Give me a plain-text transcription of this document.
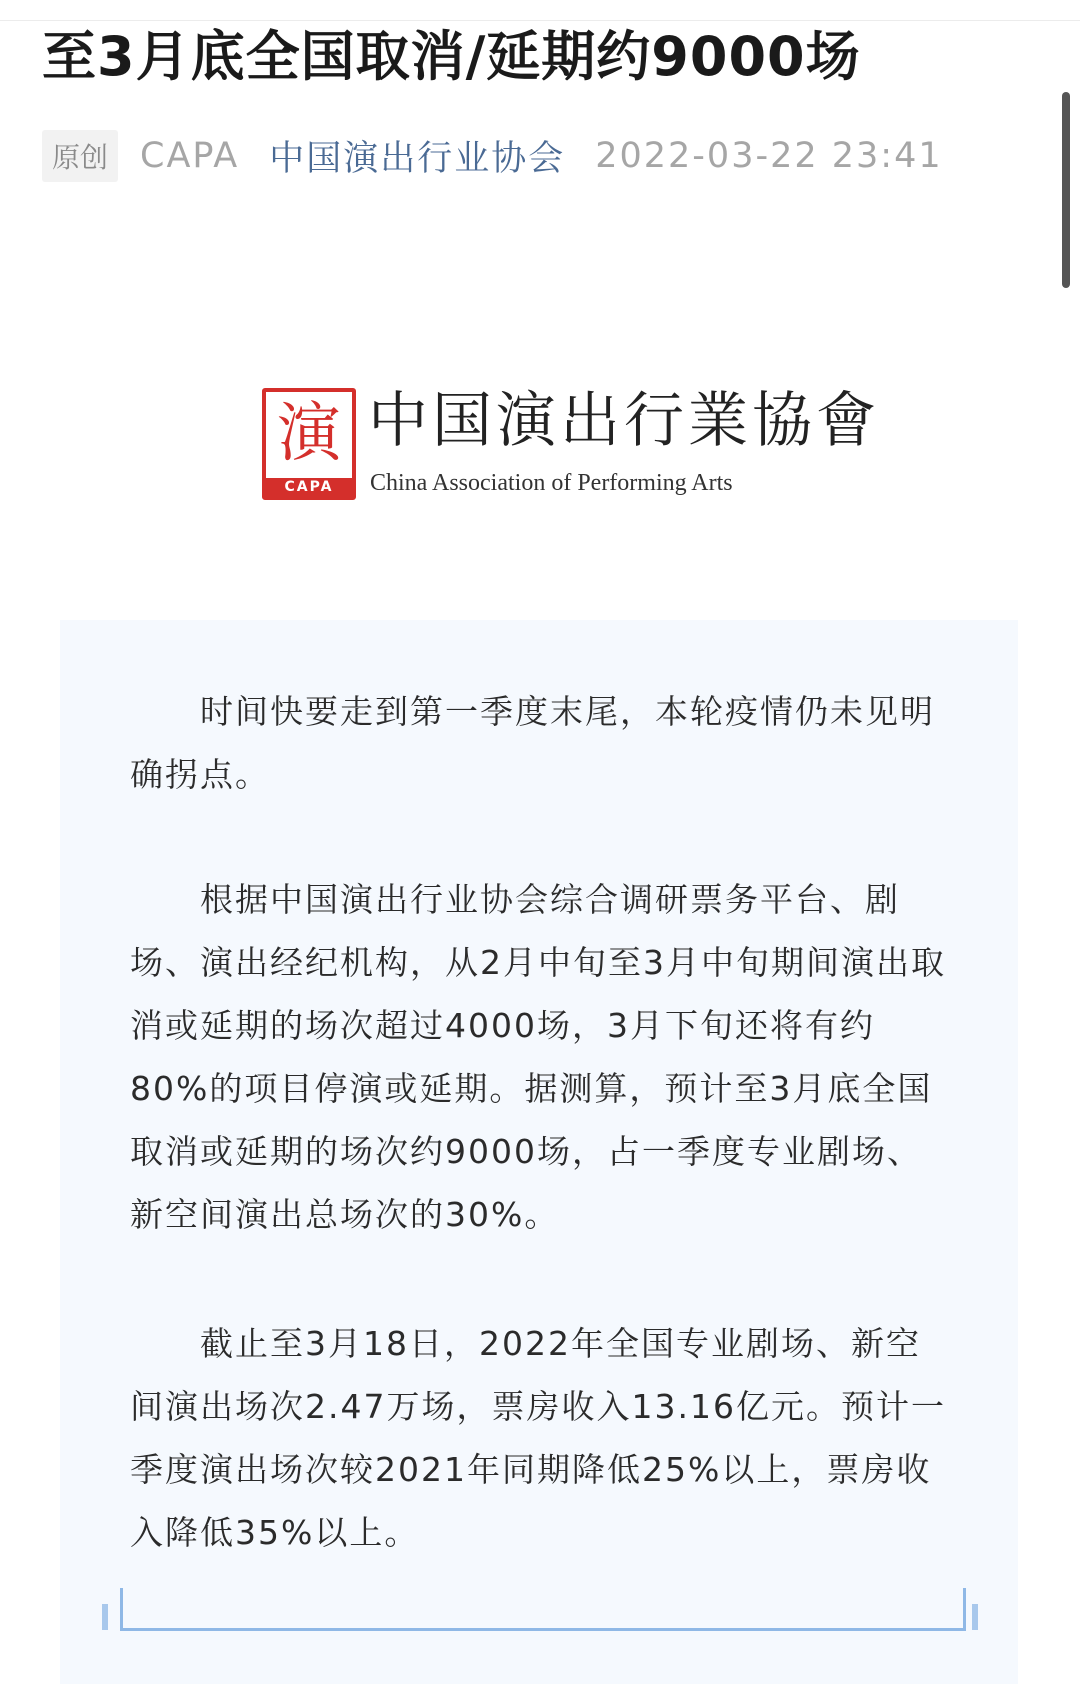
至3月底全国取消/延期约9000场
原创 CAPA 中国演出行业协会 2022-03-22 23:41
演
CAPA
中国演出行業協會
China Association of Performing Arts

时间快要走到第一季度末尾，本轮疫情仍未见明确拐点。

根据中国演出行业协会综合调研票务平台、剧场、演出经纪机构，从2月中旬至3月中旬期间演出取消或延期的场次超过4000场，3月下旬还将有约80%的项目停演或延期。据测算，预计至3月底全国取消或延期的场次约9000场，占一季度专业剧场、新空间演出总场次的30%。

截止至3月18日，2022年全国专业剧场、新空间演出场次2.47万场，票房收入13.16亿元。预计一季度演出场次较2021年同期降低25%以上，票房收入降低35%以上。
